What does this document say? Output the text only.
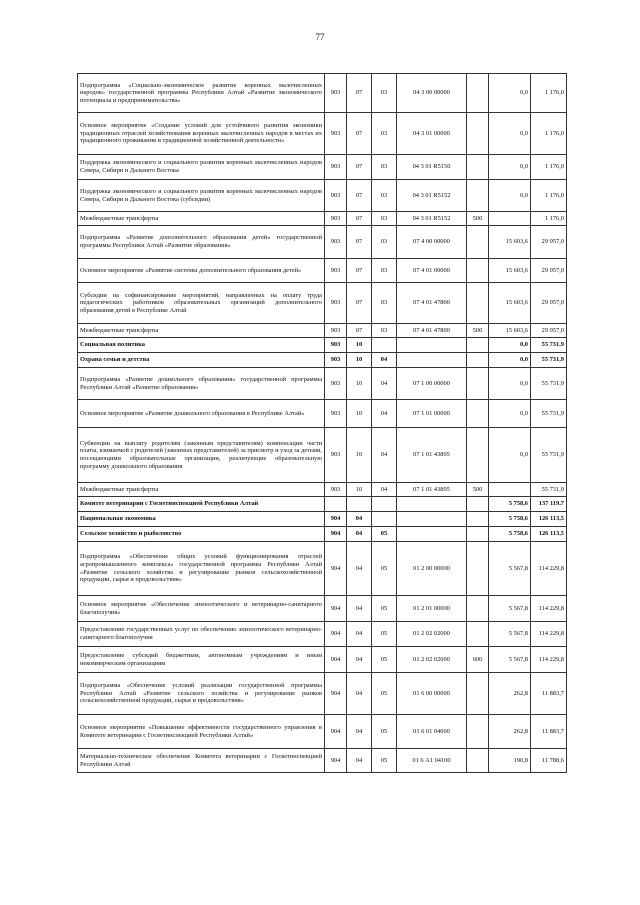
77
Подпрограмма «Социально-экономическое развитие коренных малочисленных народов» государственной программы Республики Алтай «Развитие экономического потенциала и предпринимательства»	903	07	03	04 3 00 00000		0,0	1 176,0
Основное мероприятие «Создание условий для устойчивого развития экономики традиционных отраслей хозяйствования коренных малочисленных народов в местах их традиционного проживания и традиционной хозяйственной деятельности»	903	07	03	04 3 01 00000		0,0	1 176,0
Поддержка экономического и социального развития коренных малочисленных народов Севера, Сибири и Дальнего Востока	903	07	03	04 3 01 R5150		0,0	1 176,0
Поддержка экономического и социального развития коренных малочисленных народов Севера, Сибири и Дальнего Востока (субсидии)	903	07	03	04 3 01 R5152		0,0	1 176,0
Межбюджетные трансферты	903	07	03	04 3 01 R5152	500		1 176,0
Подпрограмма «Развитие дополнительного образования детей» государственной программы Республики Алтай «Развитие образования»	903	07	03	07 4 00 00000		15 603,6	29 057,0
Основное мероприятие «Развитие системы дополнительного образования детей»	903	07	03	07 4 01 00000		15 603,6	29 057,0
Субсидии на софинансирование мероприятий, направленных на оплату труда педагогических работников образовательных организаций дополнительного образования детей в Республике Алтай	903	07	03	07 4 01 47800		15 603,6	29 057,0
Межбюджетные трансферты	903	07	03	07 4 01 47800	500	15 603,6	29 057,0
Социальная политика	903	10				0,0	55 731,9
Охрана семьи и детства	903	10	04			0,0	55 731,9
Подпрограмма «Развитие дошкольного образования» государственной программы Республики Алтай «Развитие образования»	903	10	04	07 1 00 00000		0,0	55 731,9
Основное мероприятие «Развитие дошкольного образования в Республике Алтай»	903	10	04	07 1 01 00000		0,0	55 731,9
Субвенции на выплату родителям (законным представителям) компенсации части платы, взимаемой с родителей (законных представителей) за присмотр и уход за детьми, посещающими образовательные организации, реализующие образовательную программу дошкольного образования	903	10	04	07 1 01 43895		0,0	55 731,9
Межбюджетные трансферты	903	10	04	07 1 01 43895	500		55 731,9
Комитет ветеринарии с Госветинспекцией Республики Алтай						5 758,6	137 119,7
Национальная экономика	904	04				5 758,6	126 113,5
Сельское хозяйство и рыболовство	904	04	05			5 758,6	126 113,5
Подпрограмма «Обеспечение общих условий функционирования отраслей агропромышленного комплекса» государственной программы Республики Алтай «Развитие сельского хозяйства и регулирование рынков сельскохозяйственной продукции, сырья и продовольствия»	904	04	05	01 2 00 00000		5 567,8	114 229,8
Основное мероприятие «Обеспечение эпизоотического и ветеринарно-санитарного благополучия»	904	04	05	01 2 01 00000		5 567,8	114 229,8
Предоставление государственных услуг по обеспечению эпизоотического ветеринарно-санитарного благополучия	904	04	05	01 2 02 02000		5 567,8	114 229,8
Предоставление субсидий бюджетным, автономным учреждениям и иным некоммерческим организациям	904	04	05	01 2 02 02000	600	5 567,8	114 229,8
Подпрограмма «Обеспечение условий реализации государственной программы Республики Алтай «Развитие сельского хозяйства и регулирование рынков сельскохозяйственной продукции, сырья и продовольствия»	904	04	05	01 6 00 00000		262,8	11 883,7
Основное мероприятие «Повышение эффективности государственного управления в Комитете ветеринарии с Госветинспекцией Республики Алтай»	904	04	05	01 6 01 04000		262,8	11 883,7
Материально-техническое обеспечение Комитета ветеринарии с Госветинспекцией Республики Алтай	904	04	05	01 6 А1 04100		190,8	11 788,6
